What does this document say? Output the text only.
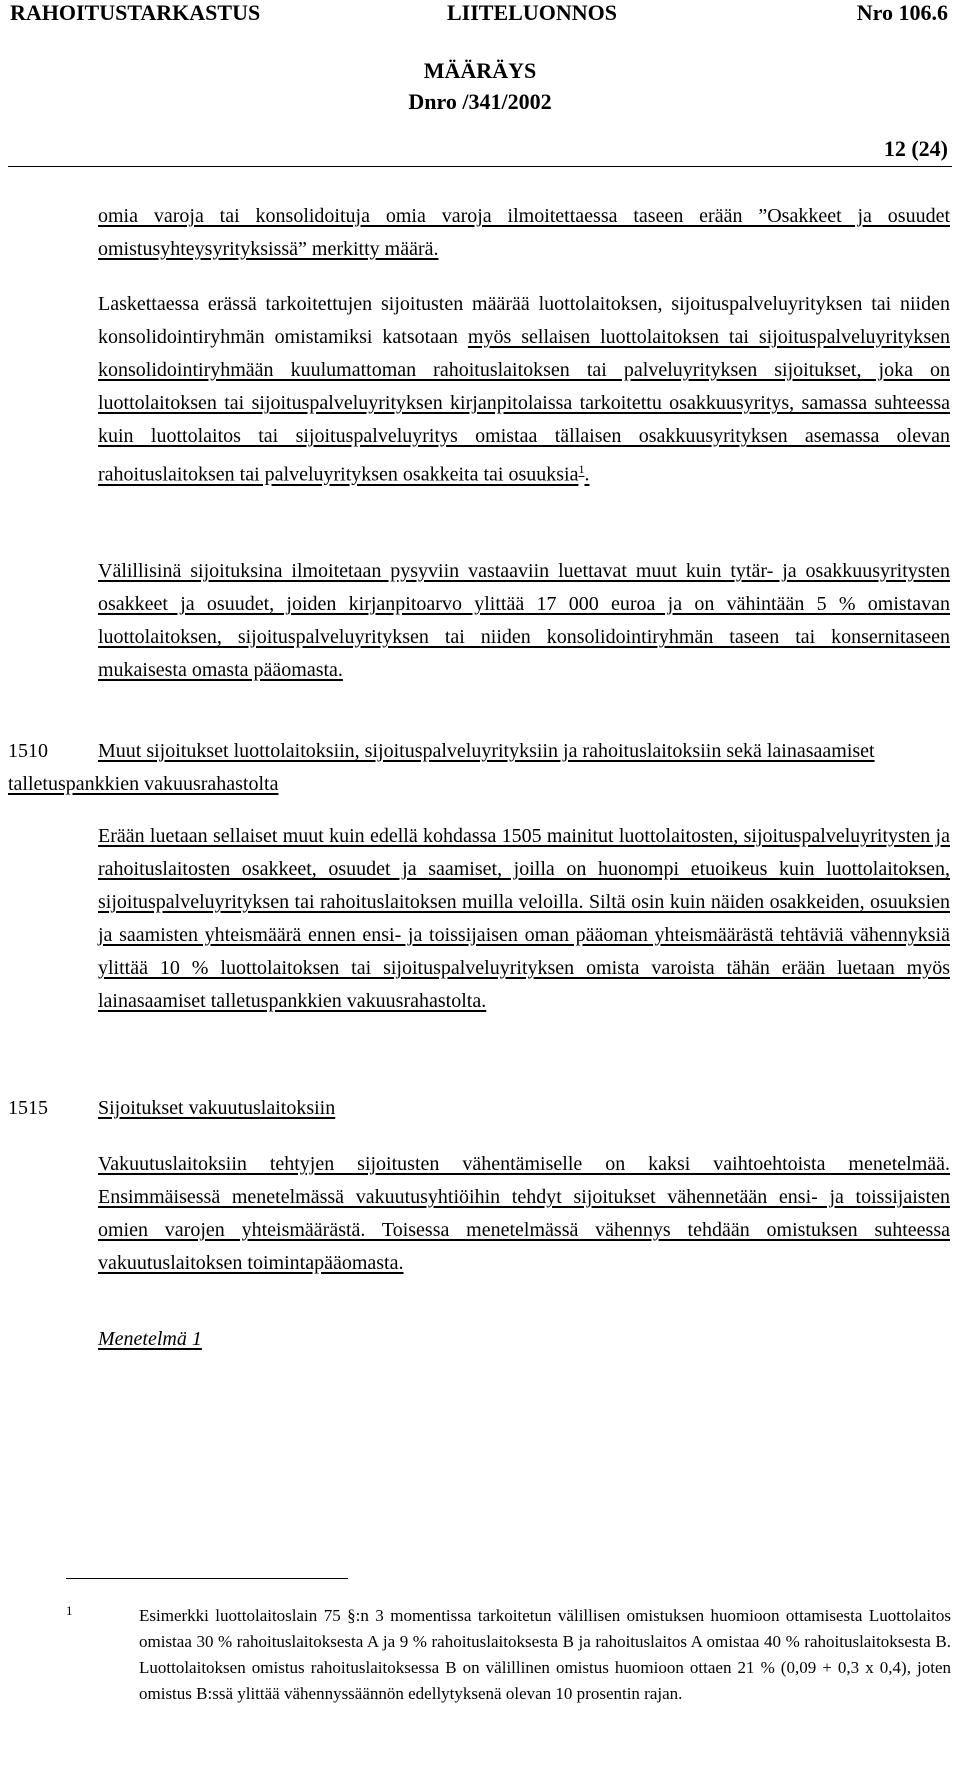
RAHOITUSTARKASTUS	LIITELUONNOS	Nro 106.6
MÄÄRÄYS
Dnro /341/2002
12 (24)

omia varoja tai konsolidoituja omia varoja ilmoitettaessa taseen erään ”Osakkeet ja osuudet omistusyhteysyrityksissä” merkitty määrä.

Laskettaessa erässä tarkoitettujen sijoitusten määrää luottolaitoksen, sijoituspalveluyrityksen tai niiden konsolidointiryhmän omistamiksi katsotaan myös sellaisen luottolaitoksen tai sijoituspalveluyrityksen konsolidointiryhmään kuulumattoman rahoituslaitoksen tai palveluyrityksen sijoitukset, joka on luottolaitoksen tai sijoituspalveluyrityksen kirjanpitolaissa tarkoitettu osakkuusyritys, samassa suhteessa kuin luottolaitos tai sijoituspalveluyritys omistaa tällaisen osakkuusyrityksen asemassa olevan rahoituslaitoksen tai palveluyrityksen osakkeita tai osuuksia$^1$.

Välillisinä sijoituksina ilmoitetaan pysyviin vastaaviin luettavat muut kuin tytär- ja osakkuusyritysten osakkeet ja osuudet, joiden kirjanpitoarvo ylittää 17 000 euroa ja on vähintään 5 % omistavan luottolaitoksen, sijoituspalveluyrityksen tai niiden konsolidointiryhmän taseen tai konsernitaseen mukaisesta omasta pääomasta.

1510	Muut sijoitukset luottolaitoksiin, sijoituspalveluyrityksiin ja rahoituslaitoksiin sekä lainasaamiset talletuspankkien vakuusrahastolta

Erään luetaan sellaiset muut kuin edellä kohdassa 1505 mainitut luottolaitosten, sijoituspalveluyritysten ja rahoituslaitosten osakkeet, osuudet ja saamiset, joilla on huonompi etuoikeus kuin luottolaitoksen, sijoituspalveluyrityksen tai rahoituslaitoksen muilla veloilla. Siltä osin kuin näiden osakkeiden, osuuksien ja saamisten yhteismäärä ennen ensi- ja toissijaisen oman pääoman yhteismäärästä tehtäviä vähennyksiä ylittää 10 % luottolaitoksen tai sijoituspalveluyrityksen omista varoista tähän erään luetaan myös lainasaamiset talletuspankkien vakuusrahastolta.

1515	Sijoitukset vakuutuslaitoksiin

Vakuutuslaitoksiin tehtyjen sijoitusten vähentämiselle on kaksi vaihtoehtoista menetelmää. Ensimmäisessä menetelmässä vakuutusyhtiöihin tehdyt sijoitukset vähennetään ensi- ja toissijaisten omien varojen yhteismäärästä. Toisessa menetelmässä vähennys tehdään omistuksen suhteessa vakuutuslaitoksen toimintapääomasta.

Menetelmä 1
1	Esimerkki luottolaitoslain 75 §:n 3 momentissa tarkoitetun välillisen omistuksen huomioon ottamisesta Luottolaitos omistaa 30 % rahoituslaitoksesta A ja 9 % rahoituslaitoksesta B ja rahoituslaitos A omistaa 40 % rahoituslaitoksesta B. Luottolaitoksen omistus rahoituslaitoksessa B on välillinen omistus huomioon ottaen 21 % (0,09 + 0,3 x 0,4), joten omistus B:ssä ylittää vähennyssäännön edellytyksenä olevan 10 prosentin rajan.
